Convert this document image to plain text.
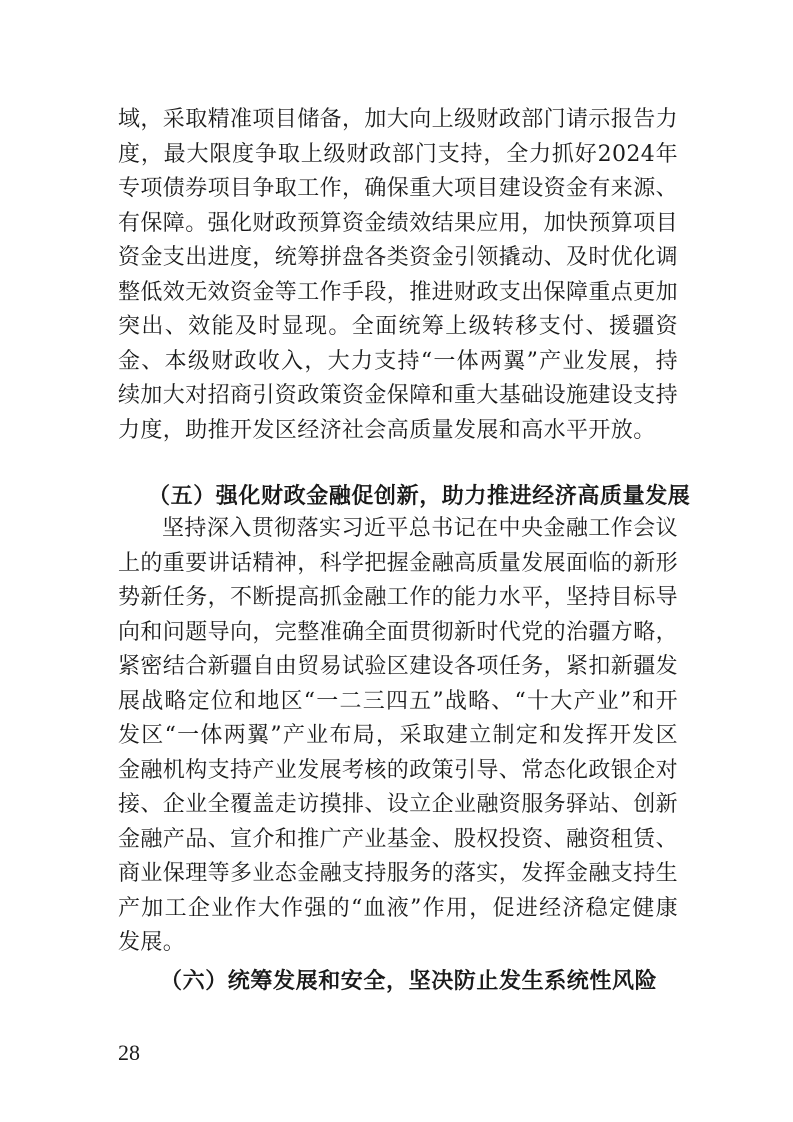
域，采取精准项目储备，加大向上级财政部门请示报告力度，最大限度争取上级财政部门支持，全力抓好2024年专项债券项目争取工作，确保重大项目建设资金有来源、有保障。强化财政预算资金绩效结果应用，加快预算项目资金支出进度，统筹拼盘各类资金引领撬动、及时优化调整低效无效资金等工作手段，推进财政支出保障重点更加突出、效能及时显现。全面统筹上级转移支付、援疆资金、本级财政收入，大力支持“一体两翼”产业发展，持续加大对招商引资政策资金保障和重大基础设施建设支持力度，助推开发区经济社会高质量发展和高水平开放。

（五）强化财政金融促创新，助力推进经济高质量发展

坚持深入贯彻落实习近平总书记在中央金融工作会议上的重要讲话精神，科学把握金融高质量发展面临的新形势新任务，不断提高抓金融工作的能力水平，坚持目标导向和问题导向，完整准确全面贯彻新时代党的治疆方略，紧密结合新疆自由贸易试验区建设各项任务，紧扣新疆发展战略定位和地区“一二三四五”战略、“十大产业”和开发区“一体两翼”产业布局，采取建立制定和发挥开发区金融机构支持产业发展考核的政策引导、常态化政银企对接、企业全覆盖走访摸排、设立企业融资服务驿站、创新金融产品、宣介和推广产业基金、股权投资、融资租赁、商业保理等多业态金融支持服务的落实，发挥金融支持生产加工企业作大作强的“血液”作用，促进经济稳定健康发展。

（六）统筹发展和安全，坚决防止发生系统性风险
28
